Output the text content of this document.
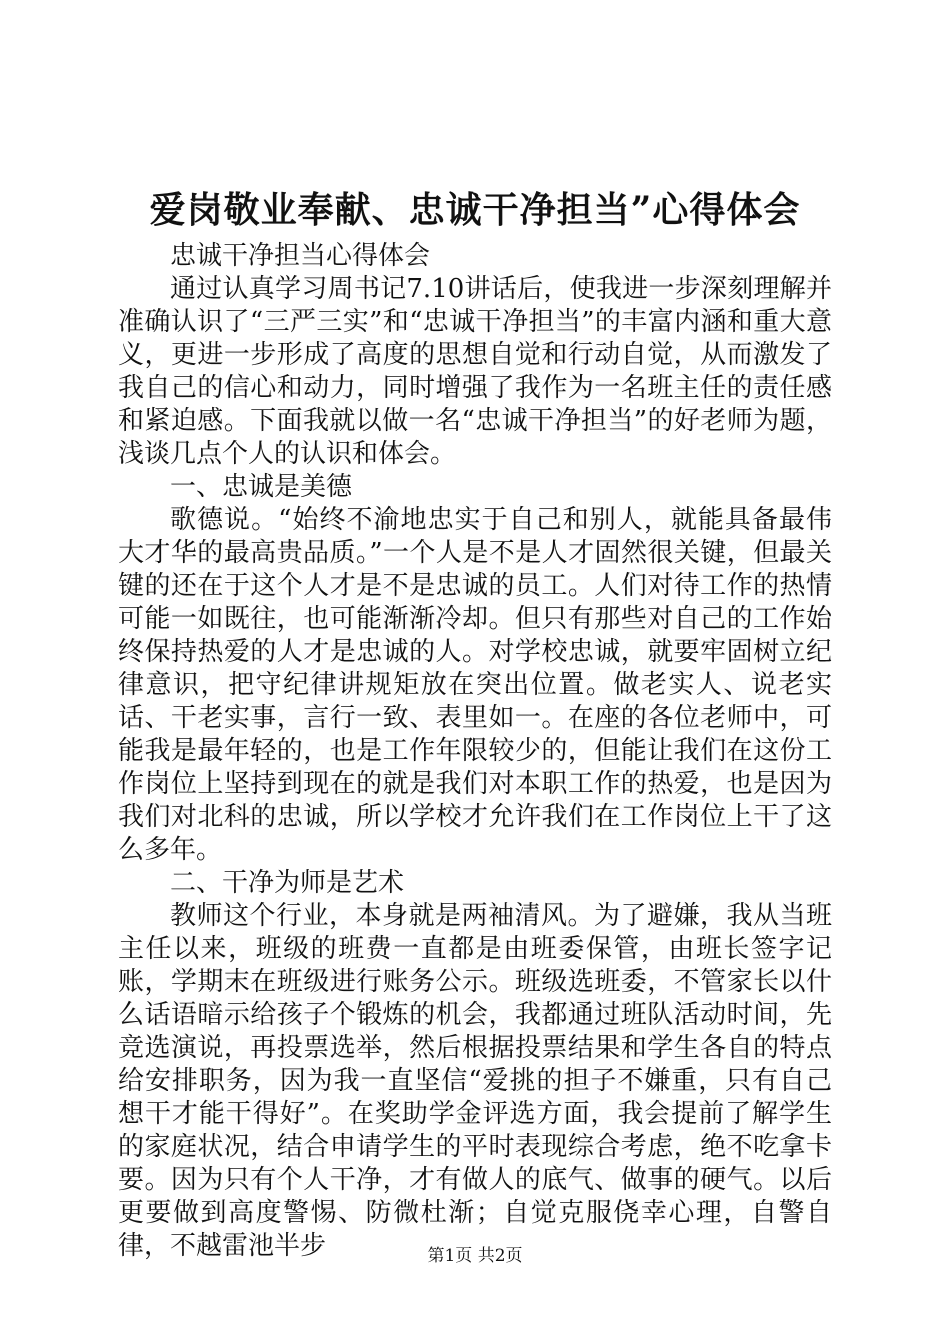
爱岗敬业奉献、忠诚干净担当”心得体会

忠诚干净担当心得体会

通过认真学习周书记7.10讲话后，使我进一步深刻理解并准确认识了“三严三实”和“忠诚干净担当”的丰富内涵和重大意义，更进一步形成了高度的思想自觉和行动自觉，从而激发了我自己的信心和动力，同时增强了我作为一名班主任的责任感和紧迫感。下面我就以做一名“忠诚干净担当”的好老师为题，浅谈几点个人的认识和体会。

一、忠诚是美德

歌德说。“始终不渝地忠实于自己和别人，就能具备最伟大才华的最高贵品质。”一个人是不是人才固然很关键，但最关键的还在于这个人才是不是忠诚的员工。人们对待工作的热情可能一如既往，也可能渐渐冷却。但只有那些对自己的工作始终保持热爱的人才是忠诚的人。对学校忠诚，就要牢固树立纪律意识，把守纪律讲规矩放在突出位置。做老实人、说老实话、干老实事，言行一致、表里如一。在座的各位老师中，可能我是最年轻的，也是工作年限较少的，但能让我们在这份工作岗位上坚持到现在的就是我们对本职工作的热爱，也是因为我们对北科的忠诚，所以学校才允许我们在工作岗位上干了这么多年。

二、干净为师是艺术

教师这个行业，本身就是两袖清风。为了避嫌，我从当班主任以来，班级的班费一直都是由班委保管，由班长签字记账，学期末在班级进行账务公示。班级选班委，不管家长以什么话语暗示给孩子个锻炼的机会，我都通过班队活动时间，先竞选演说，再投票选举，然后根据投票结果和学生各自的特点给安排职务，因为我一直坚信“爱挑的担子不嫌重，只有自己想干才能干得好”。在奖助学金评选方面，我会提前了解学生的家庭状况，结合申请学生的平时表现综合考虑，绝不吃拿卡要。因为只有个人干净，才有做人的底气、做事的硬气。以后更要做到高度警惕、防微杜渐；自觉克服侥幸心理，自警自律，不越雷池半步	第1页 共2页
